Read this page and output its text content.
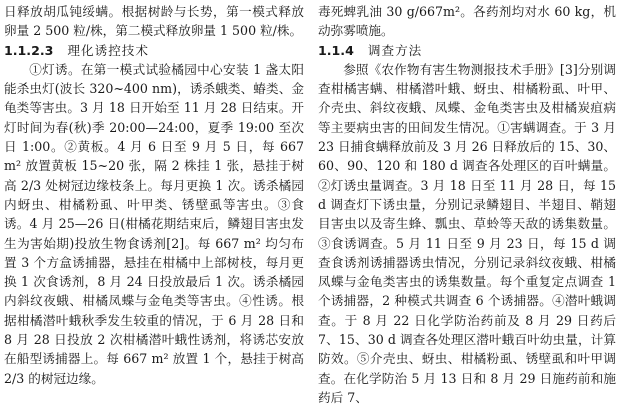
日释放胡瓜钝绥螨。根据树龄与长势，第一模式释放卵量 2 500 粒/株，第二模式释放卵量 1 500 粒/株。

1.1.2.3 理化诱控技术

①灯诱。在第一模式试验橘园中心安装 1 盏太阳能杀虫灯(波长 320~400 nm)，诱杀蛾类、蝽类、金龟类等害虫。3 月 18 日开始至 11 月 28 日结束。开灯时间为春(秋)季 20:00—24:00，夏季 19:00 至次日 1:00。②黄板。4 月 6 日至 9 月 5 日，每 667 m² 放置黄板 15~20 张，隔 2 株挂 1 张，悬挂于树高 2/3 处树冠边缘枝条上。每月更换 1 次。诱杀橘园内蚜虫、柑橘粉虱、叶甲类、锈壁虱等害虫。③食诱。4 月 25—26 日(柑橘花期结束后，鳞翅目害虫发生为害始期)投放生物食诱剂[2]。每 667 m² 均匀布置 3 个方盒诱捕器，悬挂在柑橘中上部树枝，每月更换 1 次食诱剂，8 月 24 日投放最后 1 次。诱杀橘园内斜纹夜蛾、柑橘凤蝶与金龟类等害虫。④性诱。根据柑橘潜叶蛾秋季发生较重的情况，于 6 月 28 日和 8 月 28 日投放 2 次柑橘潜叶蛾性诱剂，将诱芯安放在船型诱捕器上。每 667 m² 放置 1 个，悬挂于树高 2/3 的树冠边缘。

毒死蜱乳油 30 g/667m²。各药剂均对水 60 kg，机动弥雾喷施。

1.1.4 调查方法

参照《农作物有害生物测报技术手册》[3]分别调查柑橘害螨、柑橘潜叶蛾、蚜虫、柑橘粉虱、叶甲、介壳虫、斜纹夜蛾、凤蝶、金龟类害虫及柑橘炭疽病等主要病虫害的田间发生情况。①害螨调查。于 3 月 23 日捕食螨释放前及 3 月 26 日释放后的 15、30、60、90、120 和 180 d 调查各处理区的百叶螨量。②灯诱虫量调查。3 月 18 日至 11 月 28 日，每 15 d 调查灯下诱虫量，分别记录鳞翅目、半翅目、鞘翅目害虫以及寄生蜂、瓢虫、草蛉等天敌的诱集数量。③食诱调查。5 月 11 日至 9 月 23 日，每 15 d 调查食诱剂诱捕器诱虫情况，分别记录斜纹夜蛾、柑橘凤蝶与金龟类害虫的诱集数量。每个重复定点调查 1 个诱捕器，2 种模式共调查 6 个诱捕器。④潜叶蛾调查。于 8 月 22 日化学防治药前及 8 月 29 日药后 7、15、30 d 调查各处理区潜叶蛾百叶幼虫量，计算防效。⑤介壳虫、蚜虫、柑橘粉虱、锈壁虱和叶甲调查。在化学防治 5 月 13 日和 8 月 29 日施药前和施药后 7、
